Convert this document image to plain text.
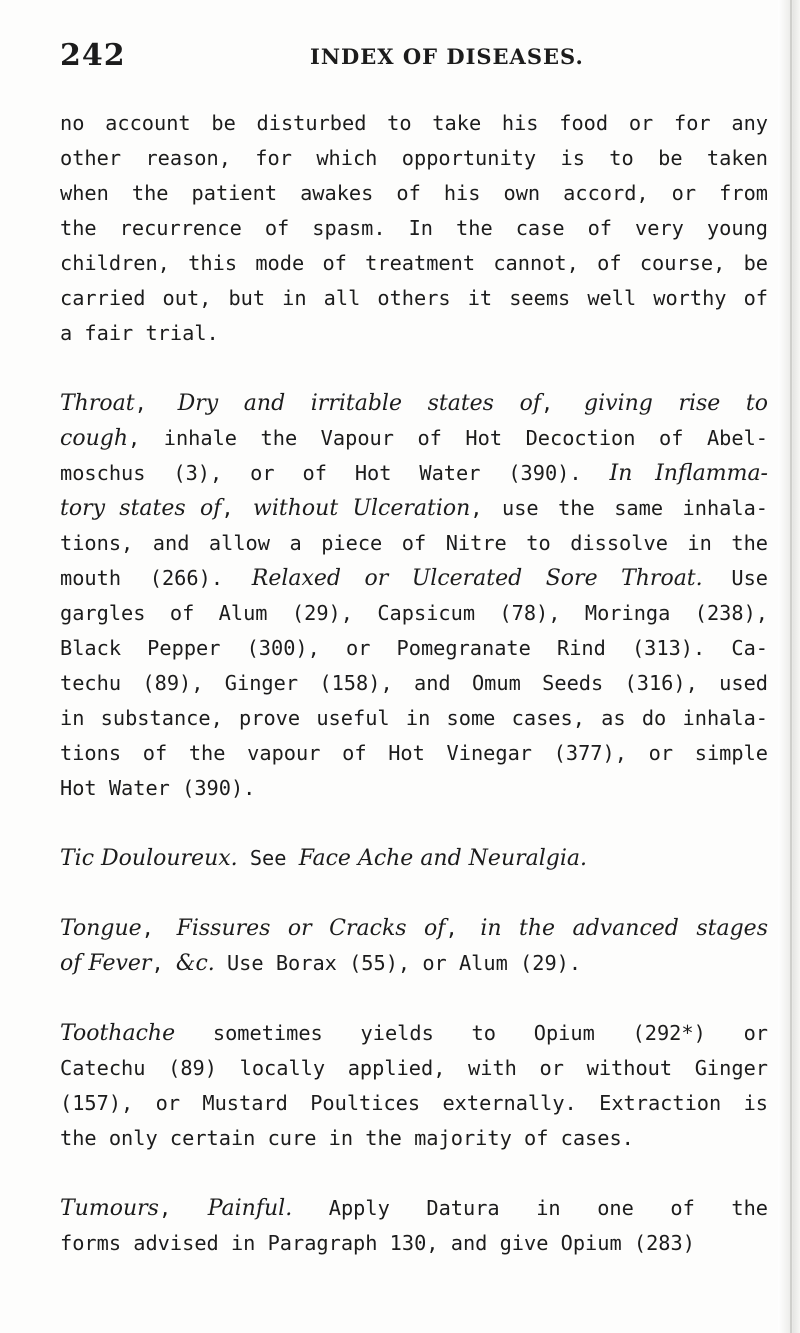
242	INDEX OF DISEASES.
no account be disturbed to take his food or for any
other reason, for which opportunity is to be taken
when the patient awakes of his own accord, or from
the recurrence of spasm. In the case of very young
children, this mode of treatment cannot, of course, be
carried out, but in all others it seems well worthy of
a fair trial.
Throat, Dry and irritable states of, giving rise to
cough, inhale the Vapour of Hot Decoction of Abel-
moschus (3), or of Hot Water (390). In Inflamma-
tory states of, without Ulceration, use the same inhala-
tions, and allow a piece of Nitre to dissolve in the
mouth (266). Relaxed or Ulcerated Sore Throat. Use
gargles of Alum (29), Capsicum (78), Moringa (238),
Black Pepper (300), or Pomegranate Rind (313). Ca-
techu (89), Ginger (158), and Omum Seeds (316), used
in substance, prove useful in some cases, as do inhala-
tions of the vapour of Hot Vinegar (377), or simple
Hot Water (390).
Tic Douloureux. See Face Ache and Neuralgia.
Tongue, Fissures or Cracks of, in the advanced stages
of Fever, &c. Use Borax (55), or Alum (29).
Toothache sometimes yields to Opium (292*) or
Catechu (89) locally applied, with or without Ginger
(157), or Mustard Poultices externally. Extraction is
the only certain cure in the majority of cases.
Tumours, Painful. Apply Datura in one of the
forms advised in Paragraph 130, and give Opium (283)
